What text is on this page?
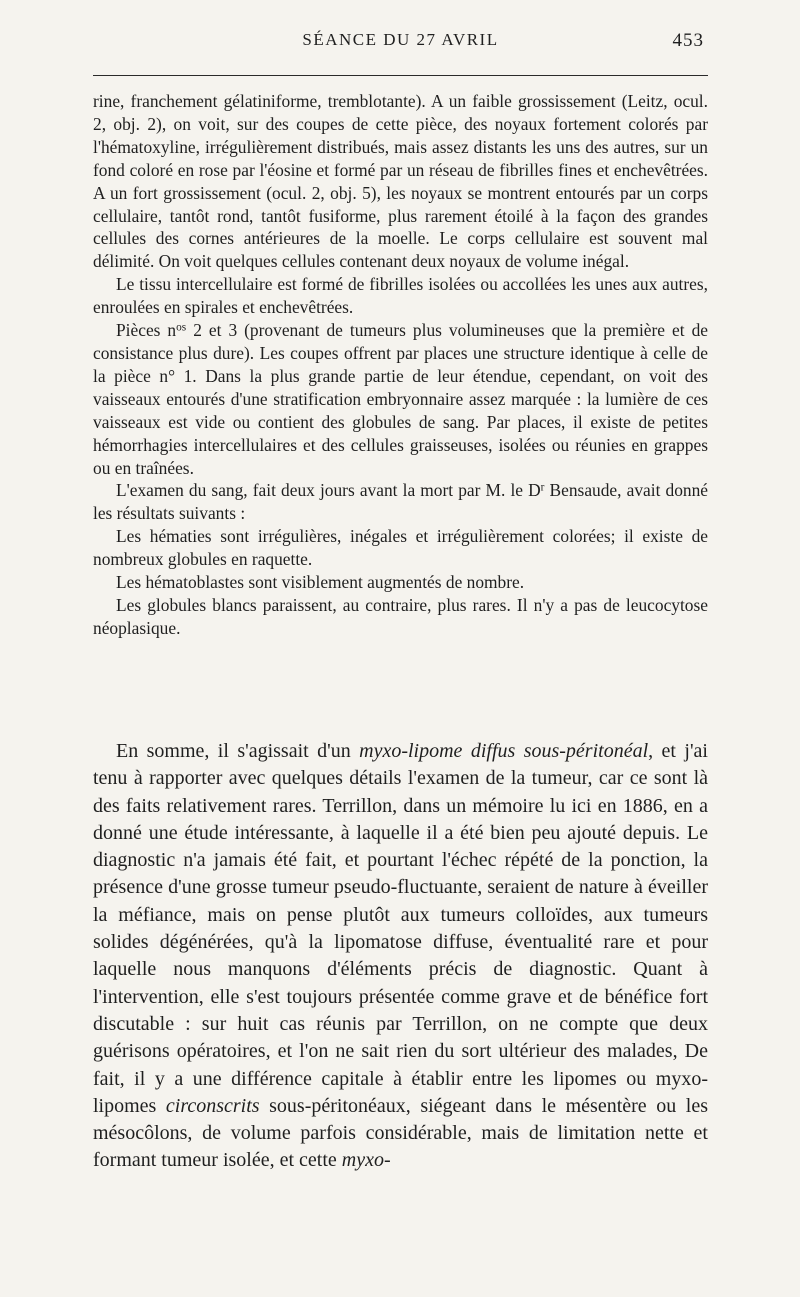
SÉANCE DU 27 AVRIL	453

rine, franchement gélatiniforme, tremblotante). A un faible grossissement (Leitz, ocul. 2, obj. 2), on voit, sur des coupes de cette pièce, des noyaux fortement colorés par l'hématoxyline, irrégulièrement distribués, mais assez distants les uns des autres, sur un fond coloré en rose par l'éosine et formé par un réseau de fibrilles fines et enchevêtrées. A un fort grossissement (ocul. 2, obj. 5), les noyaux se montrent entourés par un corps cellulaire, tantôt rond, tantôt fusiforme, plus rarement étoilé à la façon des grandes cellules des cornes antérieures de la moelle. Le corps cellulaire est souvent mal délimité. On voit quelques cellules contenant deux noyaux de volume inégal.

Le tissu intercellulaire est formé de fibrilles isolées ou accollées les unes aux autres, enroulées en spirales et enchevêtrées.

Pièces $n^{os}$ 2 et 3 (provenant de tumeurs plus volumineuses que la première et de consistance plus dure). Les coupes offrent par places une structure identique à celle de la pièce n° 1. Dans la plus grande partie de leur étendue, cependant, on voit des vaisseaux entourés d'une stratification embryonnaire assez marquée : la lumière de ces vaisseaux est vide ou contient des globules de sang. Par places, il existe de petites hémorrhagies intercellulaires et des cellules graisseuses, isolées ou réunies en grappes ou en traînées.

L'examen du sang, fait deux jours avant la mort par M. le $D^r$ Bensaude, avait donné les résultats suivants :

Les hématies sont irrégulières, inégales et irrégulièrement colorées; il existe de nombreux globules en raquette.

Les hématoblastes sont visiblement augmentés de nombre.

Les globules blancs paraissent, au contraire, plus rares. Il n'y a pas de leucocytose néoplasique.

En somme, il s'agissait d'un myxo-lipome diffus sous-péritonéal, et j'ai tenu à rapporter avec quelques détails l'examen de la tumeur, car ce sont là des faits relativement rares. Terrillon, dans un mémoire lu ici en 1886, en a donné une étude intéressante, à laquelle il a été bien peu ajouté depuis. Le diagnostic n'a jamais été fait, et pourtant l'échec répété de la ponction, la présence d'une grosse tumeur pseudo-fluctuante, seraient de nature à éveiller la méfiance, mais on pense plutôt aux tumeurs colloïdes, aux tumeurs solides dégénérées, qu'à la lipomatose diffuse, éventualité rare et pour laquelle nous manquons d'éléments précis de diagnostic. Quant à l'intervention, elle s'est toujours présentée comme grave et de bénéfice fort discutable : sur huit cas réunis par Terrillon, on ne compte que deux guérisons opératoires, et l'on ne sait rien du sort ultérieur des malades, De fait, il y a une différence capitale à établir entre les lipomes ou myxo-lipomes circonscrits sous-péritonéaux, siégeant dans le mésentère ou les mésocôlons, de volume parfois considérable, mais de limitation nette et formant tumeur isolée, et cette myxo-
